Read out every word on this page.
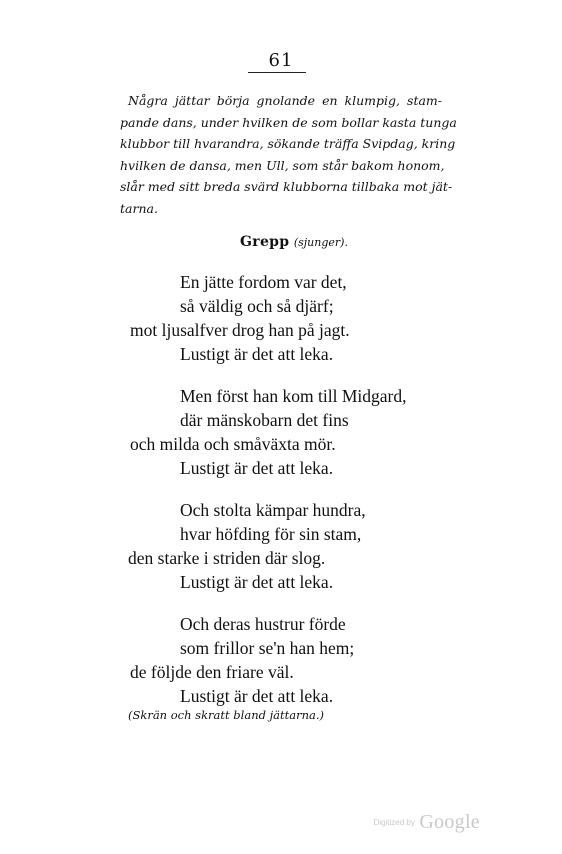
61
Några jättar börja gnolande en klumpig, stam-
pande dans, under hvilken de som bollar kasta tunga
klubbor till hvarandra, sökande träffa Svipdag, kring
hvilken de dansa, men Ull, som står bakom honom,
slår med sitt breda svärd klubborna tillbaka mot jät-
tarna.
Grepp (sjunger).
En jätte fordom var det,
så väldig och så djärf;
mot ljusalfver drog han på jagt.
Lustigt är det att leka.
Men först han kom till Midgard,
där mänskobarn det fins
och milda och småväxta mör.
Lustigt är det att leka.
Och stolta kämpar hundra,
hvar höfding för sin stam,
den starke i striden där slog.
Lustigt är det att leka.
Och deras hustrur förde
som frillor se'n han hem;
de följde den friare väl.
Lustigt är det att leka.
(Skrän och skratt bland jättarna.)
Digitized by Google
